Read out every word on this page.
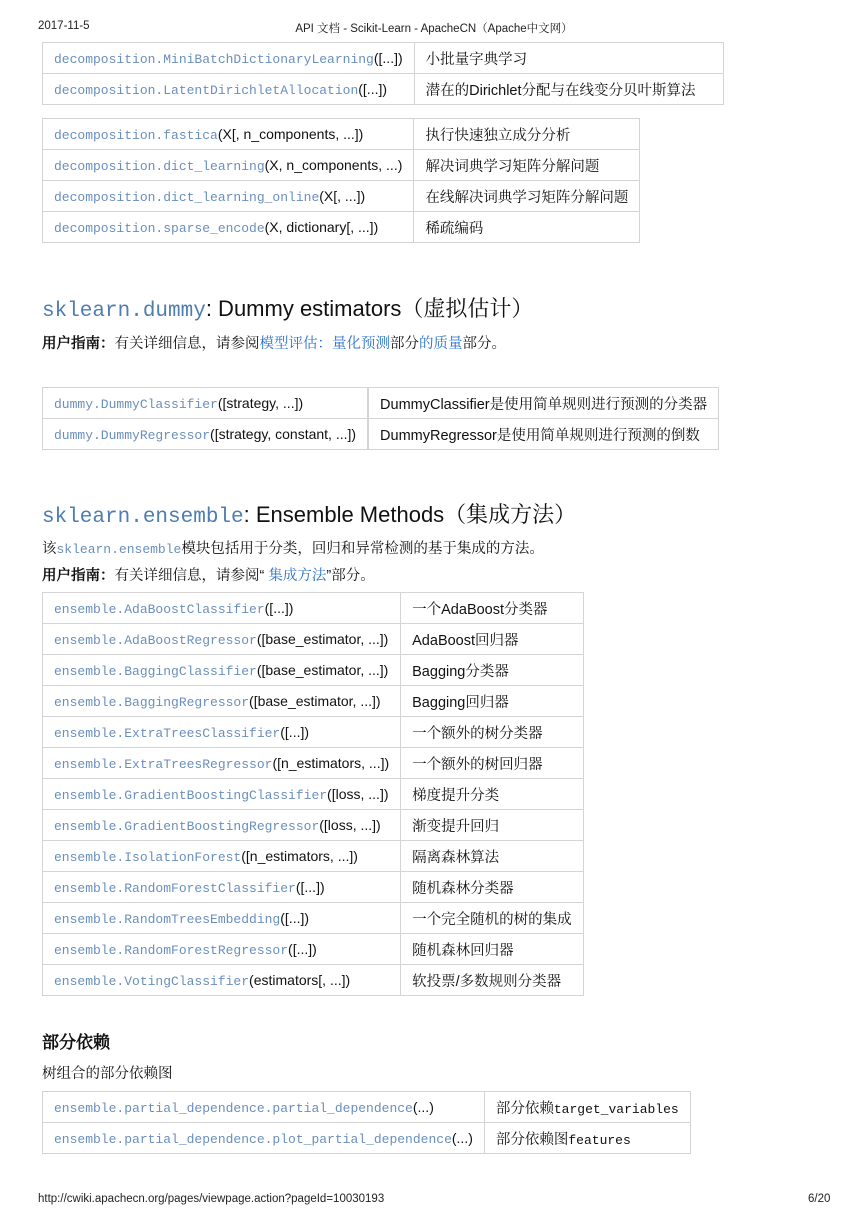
2017-11-5	API 文档 - Scikit-Learn - ApacheCN（Apache中文网）
decomposition.MiniBatchDictionaryLearning([...])	小批量字典学习
decomposition.LatentDirichletAllocation([...])	潜在的Dirichlet分配与在线变分贝叶斯算法
decomposition.fastica(X[, n_components, ...])	执行快速独立成分分析
decomposition.dict_learning(X, n_components, ...)	解决词典学习矩阵分解问题
decomposition.dict_learning_online(X[, ...])	在线解决词典学习矩阵分解问题
decomposition.sparse_encode(X, dictionary[, ...])	稀疏编码
sklearn.dummy: Dummy estimators（虚拟估计）
用户指南：有关详细信息，请参阅模型评估：量化预测部分的质量部分。
dummy.DummyClassifier([strategy, ...])	DummyClassifier是使用简单规则进行预测的分类器
dummy.DummyRegressor([strategy, constant, ...])	DummyRegressor是使用简单规则进行预测的倒数
sklearn.ensemble: Ensemble Methods（集成方法）
该sklearn.ensemble模块包括用于分类，回归和异常检测的基于集成的方法。
用户指南：有关详细信息，请参阅“ 集成方法”部分。
ensemble.AdaBoostClassifier([...])	一个AdaBoost分类器
ensemble.AdaBoostRegressor([base_estimator, ...])	AdaBoost回归器
ensemble.BaggingClassifier([base_estimator, ...])	Bagging分类器
ensemble.BaggingRegressor([base_estimator, ...])	Bagging回归器
ensemble.ExtraTreesClassifier([...])	一个额外的树分类器
ensemble.ExtraTreesRegressor([n_estimators, ...])	一个额外的树回归器
ensemble.GradientBoostingClassifier([loss, ...])	梯度提升分类
ensemble.GradientBoostingRegressor([loss, ...])	渐变提升回归
ensemble.IsolationForest([n_estimators, ...])	隔离森林算法
ensemble.RandomForestClassifier([...])	随机森林分类器
ensemble.RandomTreesEmbedding([...])	一个完全随机的树的集成
ensemble.RandomForestRegressor([...])	随机森林回归器
ensemble.VotingClassifier(estimators[, ...])	软投票/多数规则分类器
部分依赖
树组合的部分依赖图
ensemble.partial_dependence.partial_dependence(...)	部分依赖target_variables
ensemble.partial_dependence.plot_partial_dependence(...)	部分依赖图features
http://cwiki.apachecn.org/pages/viewpage.action?pageId=10030193	6/20
